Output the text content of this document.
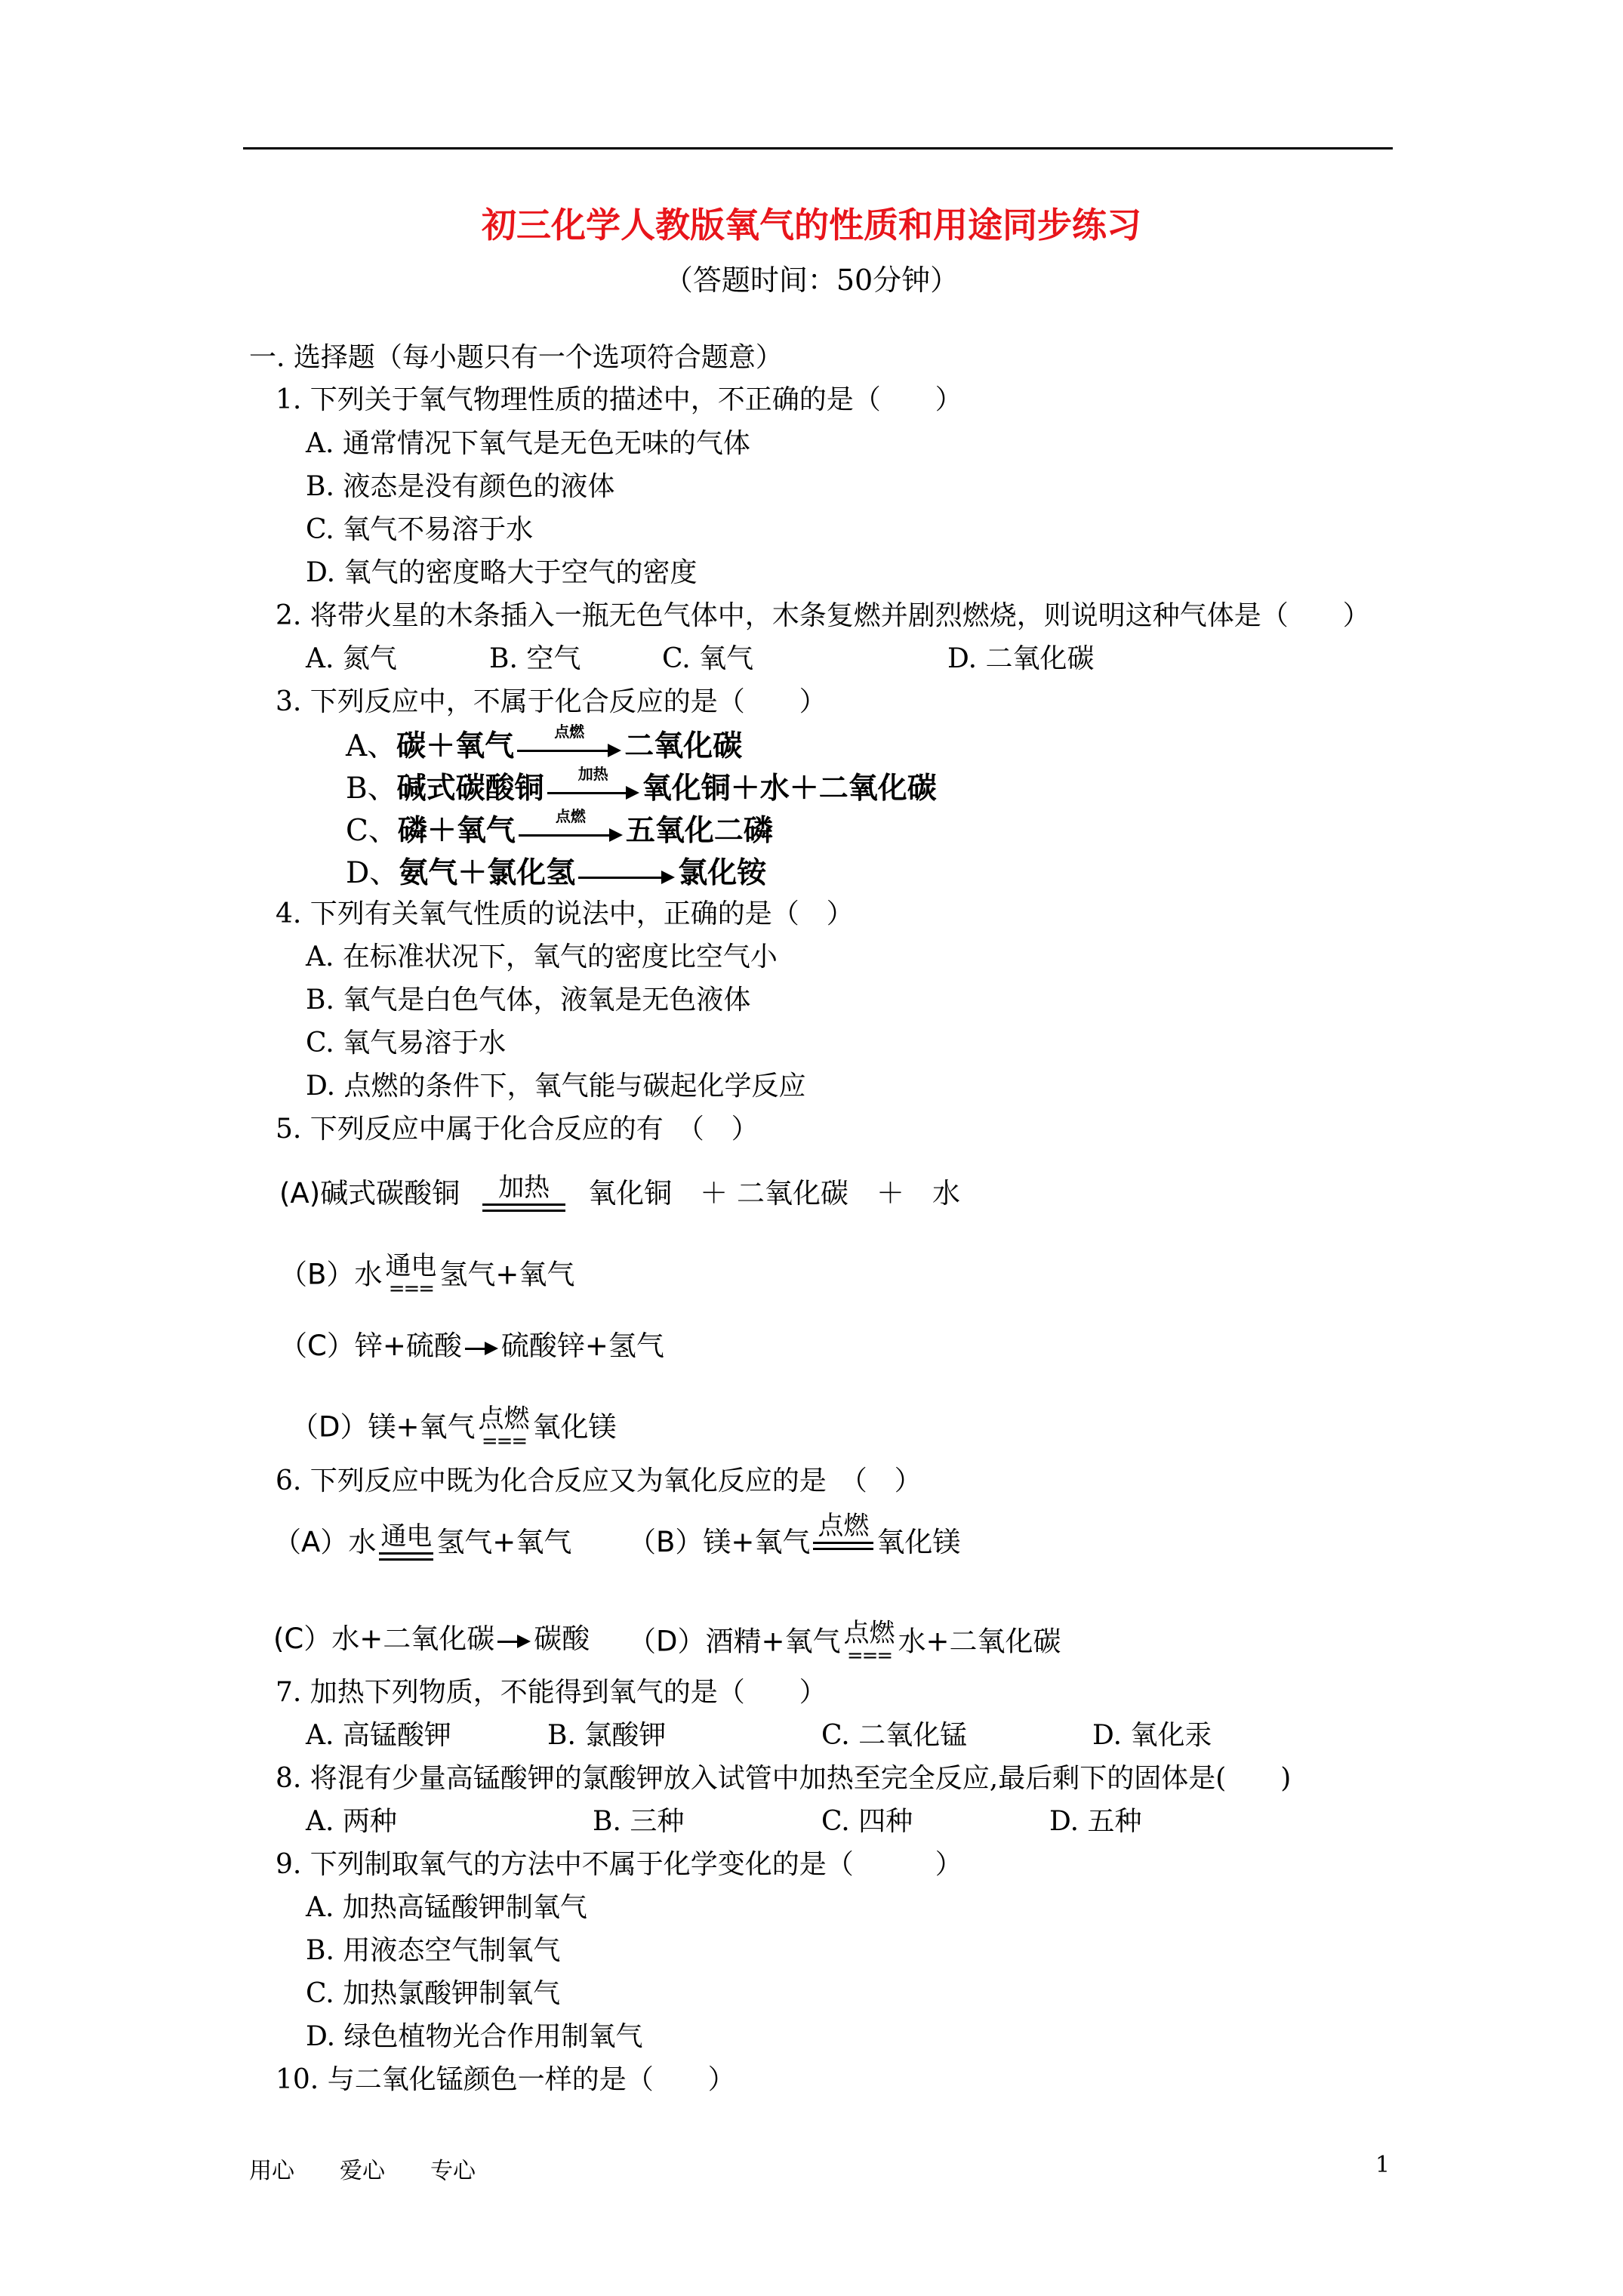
初三化学人教版氧气的性质和用途同步练习
（答题时间：50分钟）
一. 选择题（每小题只有一个选项符合题意）
1. 下列关于氧气物理性质的描述中，不正确的是（　　）
A. 通常情况下氧气是无色无味的气体
B. 液态是没有颜色的液体
C. 氧气不易溶于水
D. 氧气的密度略大于空气的密度
2. 将带火星的木条插入一瓶无色气体中，木条复燃并剧烈燃烧，则说明这种气体是（　　）
A. 氮气	B. 空气	C. 氧气	D. 二氧化碳
3. 下列反应中，不属于化合反应的是（　　）
A、碳＋氧气	点燃	二氧化碳
B、碱式碳酸铜	加热	氧化铜＋水＋二氧化碳
C、磷＋氧气	点燃	五氧化二磷
D、氨气＋氯化氢	氯化铵
4. 下列有关氧气性质的说法中，正确的是（　）
A. 在标准状况下，氧气的密度比空气小
B. 氧气是白色气体，液氧是无色液体
C. 氧气易溶于水
D. 点燃的条件下，氧气能与碳起化学反应
5. 下列反应中属于化合反应的有　（　）
(A)碱式碳酸铜	加热	氧化铜　＋ 二氧化碳　＋　水
（B）水 通电
=== 氢气+氧气
（C）锌+硫酸 硫酸锌+氢气
（D）镁+氧气 点燃
=== 氧化镁
6. 下列反应中既为化合反应又为氧化反应的是　（　）
（A）水 通电 氢气+氧气 （B）镁+氧气 点燃 氧化镁
(C）水+二氧化碳 碳酸 （D）酒精+氧气 点燃
=== 水+二氧化碳
7. 加热下列物质，不能得到氧气的是（　　）
A. 高锰酸钾	B. 氯酸钾	C. 二氧化锰	D. 氧化汞
8. 将混有少量高锰酸钾的氯酸钾放入试管中加热至完全反应,最后剩下的固体是(　　)
A. 两种	B. 三种	C. 四种	D. 五种
9. 下列制取氧气的方法中不属于化学变化的是（　　　）
A. 加热高锰酸钾制氧气
B. 用液态空气制氧气
C. 加热氯酸钾制氧气
D. 绿色植物光合作用制氧气
10. 与二氧化锰颜色一样的是（　　）
用心　　爱心　　专心	1
